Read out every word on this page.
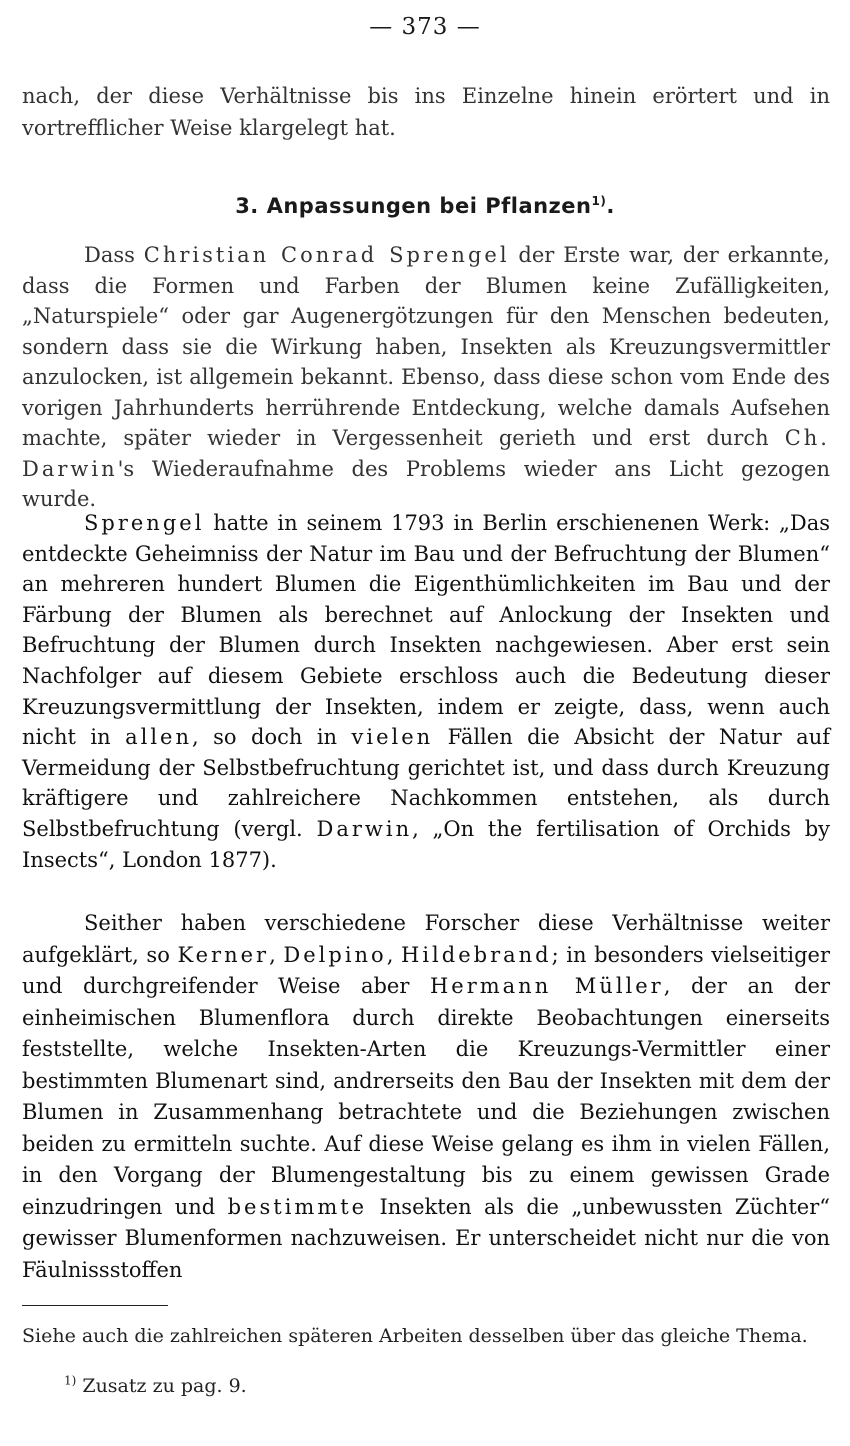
— 373 —
nach, der diese Verhältnisse bis ins Einzelne hinein erörtert und in vortrefflicher Weise klargelegt hat.
3. Anpassungen bei Pflanzen$^{1)}$.

Dass Christian Conrad Sprengel der Erste war, der erkannte, dass die Formen und Farben der Blumen keine Zufälligkeiten, „Naturspiele“ oder gar Augenergötzungen für den Menschen bedeuten, sondern dass sie die Wirkung haben, Insekten als Kreuzungsvermittler anzulocken, ist allgemein bekannt. Ebenso, dass diese schon vom Ende des vorigen Jahrhunderts herrührende Entdeckung, welche damals Aufsehen machte, später wieder in Vergessenheit gerieth und erst durch Ch. Darwin's Wiederaufnahme des Problems wieder ans Licht gezogen wurde.

Sprengel hatte in seinem 1793 in Berlin erschienenen Werk: „Das entdeckte Geheimniss der Natur im Bau und der Befruchtung der Blumen“ an mehreren hundert Blumen die Eigenthümlichkeiten im Bau und der Färbung der Blumen als berechnet auf Anlockung der Insekten und Befruchtung der Blumen durch Insekten nachgewiesen. Aber erst sein Nachfolger auf diesem Gebiete erschloss auch die Bedeutung dieser Kreuzungsvermittlung der Insekten, indem er zeigte, dass, wenn auch nicht in allen, so doch in vielen Fällen die Absicht der Natur auf Vermeidung der Selbstbefruchtung gerichtet ist, und dass durch Kreuzung kräftigere und zahlreichere Nachkommen entstehen, als durch Selbstbefruchtung (vergl. Darwin, „On the fertilisation of Orchids by Insects“, London 1877).

Seither haben verschiedene Forscher diese Verhältnisse weiter aufgeklärt, so Kerner, Delpino, Hildebrand; in besonders vielseitiger und durchgreifender Weise aber Hermann Müller, der an der einheimischen Blumenflora durch direkte Beobachtungen einerseits feststellte, welche Insekten-Arten die Kreuzungs-Vermittler einer bestimmten Blumenart sind, andrerseits den Bau der Insekten mit dem der Blumen in Zusammenhang betrachtete und die Beziehungen zwischen beiden zu ermitteln suchte. Auf diese Weise gelang es ihm in vielen Fällen, in den Vorgang der Blumengestaltung bis zu einem gewissen Grade einzudringen und bestimmte Insekten als die „unbewussten Züchter“ gewisser Blumenformen nachzuweisen. Er unterscheidet nicht nur die von Fäulnissstoffen

Siehe auch die zahlreichen späteren Arbeiten desselben über das gleiche Thema.
$^{1)}$ Zusatz zu pag. 9.
